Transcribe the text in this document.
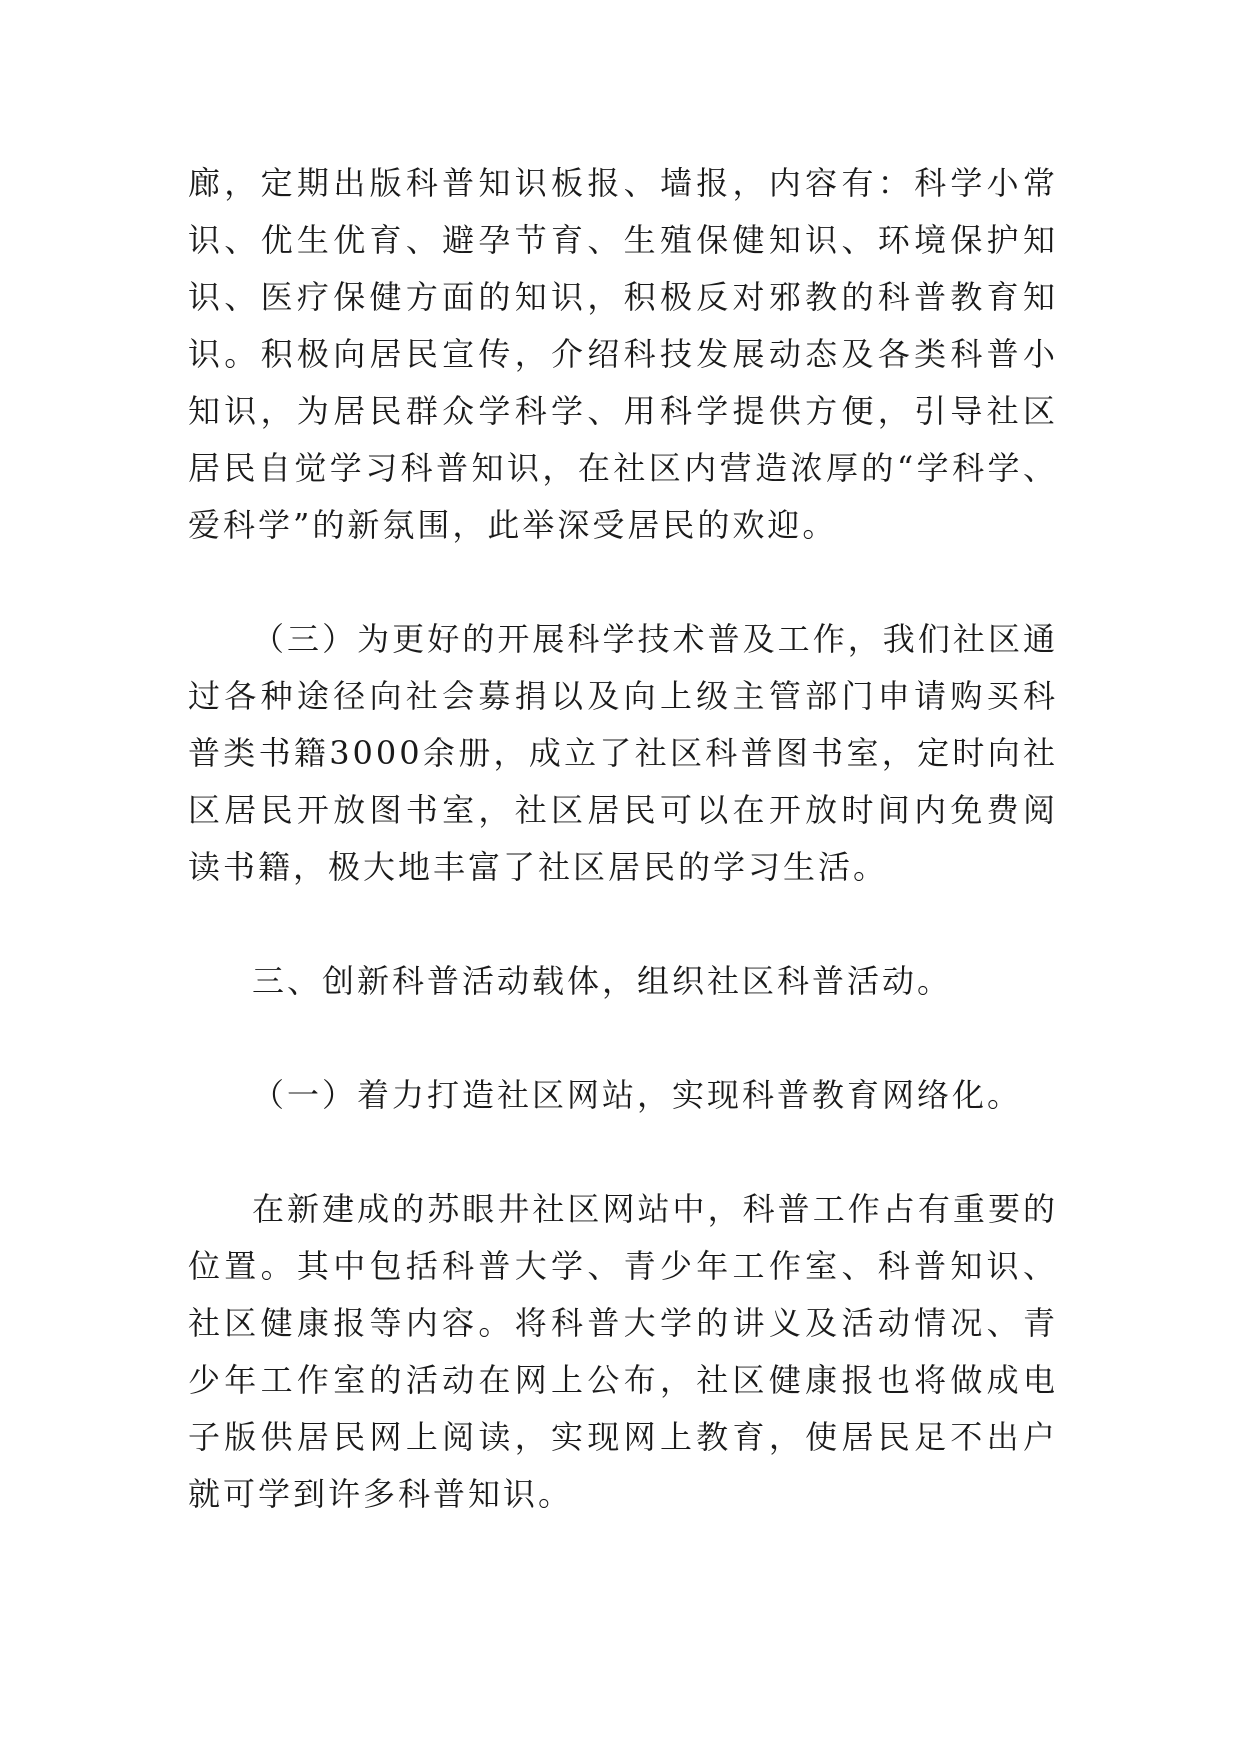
廊，定期出版科普知识板报、墙报，内容有：科学小常识、优生优育、避孕节育、生殖保健知识、环境保护知识、医疗保健方面的知识，积极反对邪教的科普教育知识。积极向居民宣传，介绍科技发展动态及各类科普小知识，为居民群众学科学、用科学提供方便，引导社区居民自觉学习科普知识，在社区内营造浓厚的“学科学、爱科学”的新氛围，此举深受居民的欢迎。

（三）为更好的开展科学技术普及工作，我们社区通过各种途径向社会募捐以及向上级主管部门申请购买科普类书籍3000余册，成立了社区科普图书室，定时向社区居民开放图书室，社区居民可以在开放时间内免费阅读书籍，极大地丰富了社区居民的学习生活。

三、创新科普活动载体，组织社区科普活动。

（一）着力打造社区网站，实现科普教育网络化。

在新建成的苏眼井社区网站中，科普工作占有重要的位置。其中包括科普大学、青少年工作室、科普知识、社区健康报等内容。将科普大学的讲义及活动情况、青少年工作室的活动在网上公布，社区健康报也将做成电子版供居民网上阅读，实现网上教育，使居民足不出户就可学到许多科普知识。
